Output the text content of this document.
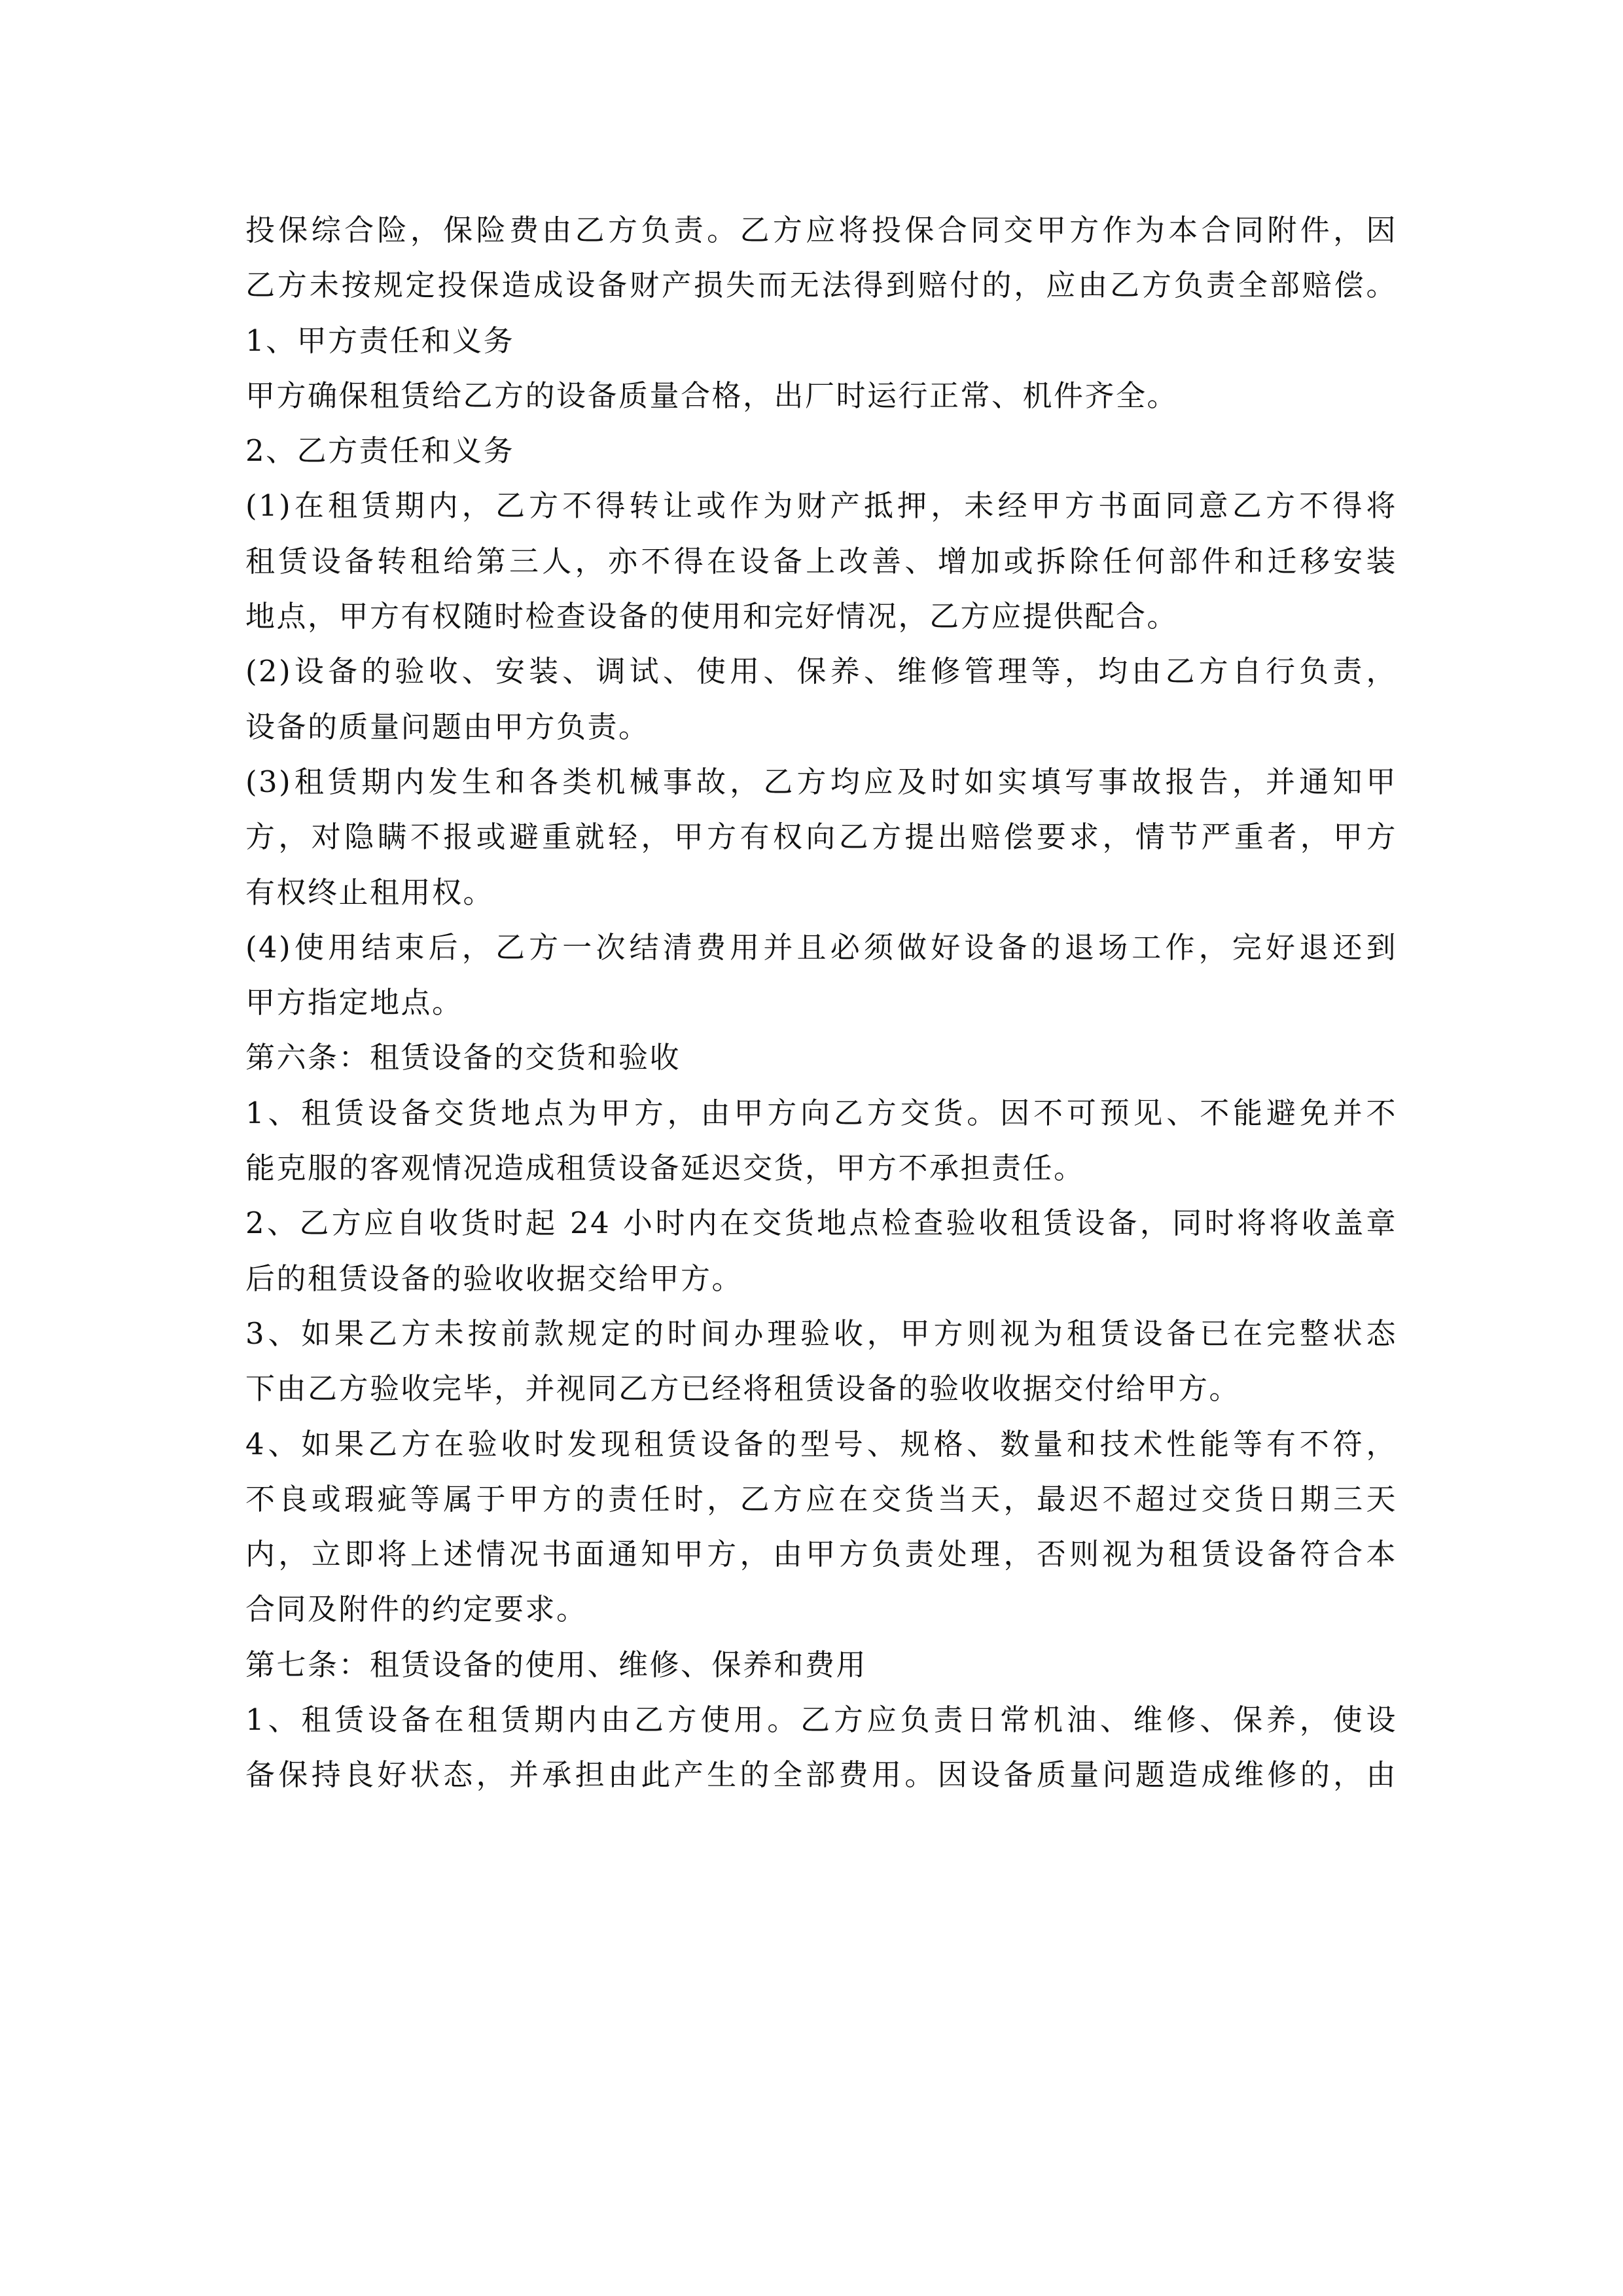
投保综合险，保险费由乙方负责。乙方应将投保合同交甲方作为本合同附件，因
乙方未按规定投保造成设备财产损失而无法得到赔付的，应由乙方负责全部赔偿。
1、甲方责任和义务
甲方确保租赁给乙方的设备质量合格，出厂时运行正常、机件齐全。
2、乙方责任和义务
(1)在租赁期内，乙方不得转让或作为财产抵押，未经甲方书面同意乙方不得将
租赁设备转租给第三人，亦不得在设备上改善、增加或拆除任何部件和迁移安装
地点，甲方有权随时检查设备的使用和完好情况，乙方应提供配合。
(2)设备的验收、安装、调试、使用、保养、维修管理等，均由乙方自行负责，
设备的质量问题由甲方负责。
(3)租赁期内发生和各类机械事故，乙方均应及时如实填写事故报告，并通知甲
方，对隐瞒不报或避重就轻，甲方有权向乙方提出赔偿要求，情节严重者，甲方
有权终止租用权。
(4)使用结束后，乙方一次结清费用并且必须做好设备的退场工作，完好退还到
甲方指定地点。
第六条：租赁设备的交货和验收
1、租赁设备交货地点为甲方，由甲方向乙方交货。因不可预见、不能避免并不
能克服的客观情况造成租赁设备延迟交货，甲方不承担责任。
2、乙方应自收货时起 24 小时内在交货地点检查验收租赁设备，同时将将收盖章
后的租赁设备的验收收据交给甲方。
3、如果乙方未按前款规定的时间办理验收，甲方则视为租赁设备已在完整状态
下由乙方验收完毕，并视同乙方已经将租赁设备的验收收据交付给甲方。
4、如果乙方在验收时发现租赁设备的型号、规格、数量和技术性能等有不符，
不良或瑕疵等属于甲方的责任时，乙方应在交货当天，最迟不超过交货日期三天
内，立即将上述情况书面通知甲方，由甲方负责处理，否则视为租赁设备符合本
合同及附件的约定要求。
第七条：租赁设备的使用、维修、保养和费用
1、租赁设备在租赁期内由乙方使用。乙方应负责日常机油、维修、保养，使设
备保持良好状态，并承担由此产生的全部费用。因设备质量问题造成维修的，由
